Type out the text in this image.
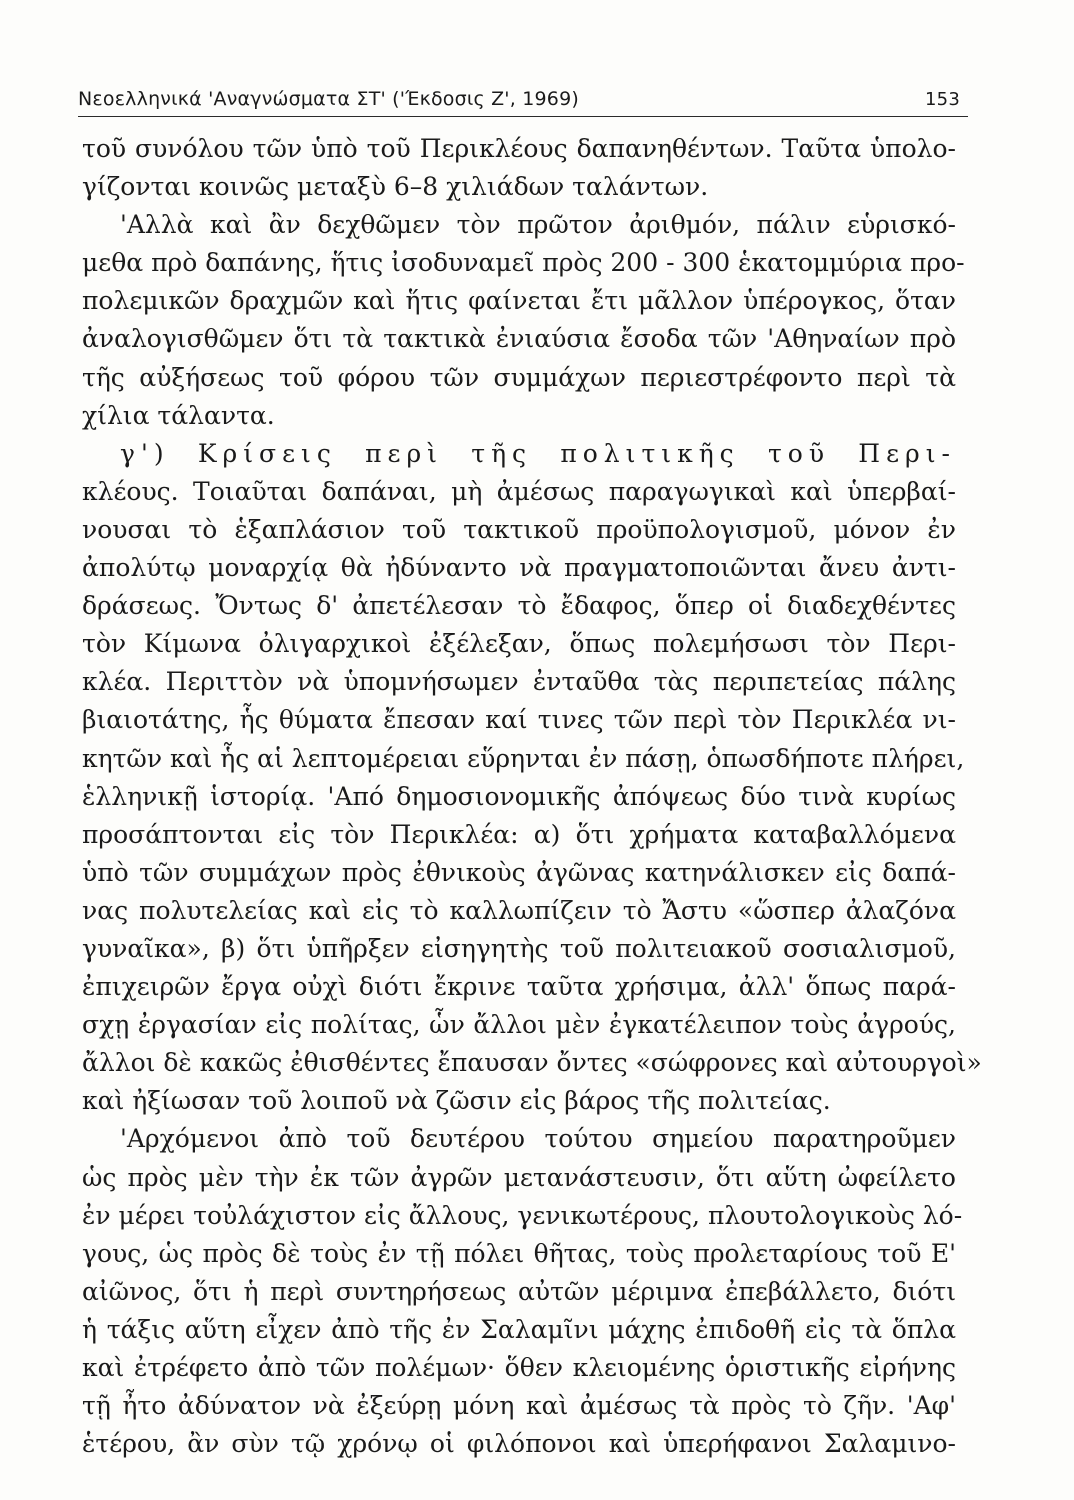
Νεοελληνικά 'Αναγνώσματα ΣΤ' ('Έκδοσις Ζ', 1969)	153
τοῦ συνόλου τῶν ὑπὸ τοῦ Περικλέους δαπανηθέντων. Ταῦτα ὑπολο-
γίζονται κοινῶς μεταξὺ 6–8 χιλιάδων ταλάντων.
'Αλλὰ καὶ ἂν δεχθῶμεν τὸν πρῶτον ἀριθμόν, πάλιν εὑρισκό-
μεθα πρὸ δαπάνης, ἥτις ἰσοδυναμεῖ πρὸς 200 - 300 ἑκατομμύρια προ-
πολεμικῶν δραχμῶν καὶ ἥτις φαίνεται ἔτι μᾶλλον ὑπέρογκος, ὅταν
ἀναλογισθῶμεν ὅτι τὰ τακτικὰ ἐνιαύσια ἔσοδα τῶν 'Αθηναίων πρὸ
τῆς αὐξήσεως τοῦ φόρου τῶν συμμάχων περιεστρέφοντο περὶ τὰ
χίλια τάλαντα.
γ') Κρίσεις περὶ τῆς πολιτικῆς τοῦ Περι-
κλέους. Τοιαῦται δαπάναι, μὴ ἀμέσως παραγωγικαὶ καὶ ὑπερβαί-
νουσαι τὸ ἑξαπλάσιον τοῦ τακτικοῦ προϋπολογισμοῦ, μόνον ἐν
ἀπολύτῳ μοναρχίᾳ θὰ ἠδύναντο νὰ πραγματοποιῶνται ἄνευ ἀντι-
δράσεως. Ὄντως δ' ἀπετέλεσαν τὸ ἔδαφος, ὅπερ οἱ διαδεχθέντες
τὸν Κίμωνα ὀλιγαρχικοὶ ἐξέλεξαν, ὅπως πολεμήσωσι τὸν Περι-
κλέα. Περιττὸν νὰ ὑπομνήσωμεν ἐνταῦθα τὰς περιπετείας πάλης
βιαιοτάτης, ἧς θύματα ἔπεσαν καί τινες τῶν περὶ τὸν Περικλέα νι-
κητῶν καὶ ἧς αἱ λεπτομέρειαι εὕρηνται ἐν πάσῃ, ὁπωσδήποτε πλήρει,
ἑλληνικῇ ἱστορίᾳ. 'Από δημοσιονομικῆς ἀπόψεως δύο τινὰ κυρίως
προσάπτονται εἰς τὸν Περικλέα: α) ὅτι χρήματα καταβαλλόμενα
ὑπὸ τῶν συμμάχων πρὸς ἐθνικοὺς ἀγῶνας κατηνάλισκεν εἰς δαπά-
νας πολυτελείας καὶ εἰς τὸ καλλωπίζειν τὸ Ἄστυ «ὥσπερ ἀλαζόνα
γυναῖκα», β) ὅτι ὑπῆρξεν εἰσηγητὴς τοῦ πολιτειακοῦ σοσιαλισμοῦ,
ἐπιχειρῶν ἔργα οὐχὶ διότι ἔκρινε ταῦτα χρήσιμα, ἀλλ' ὅπως παρά-
σχῃ ἐργασίαν εἰς πολίτας, ὧν ἄλλοι μὲν ἐγκατέλειπον τοὺς ἀγρούς,
ἄλλοι δὲ κακῶς ἐθισθέντες ἔπαυσαν ὄντες «σώφρονες καὶ αὐτουργοὶ»
καὶ ἠξίωσαν τοῦ λοιποῦ νὰ ζῶσιν εἰς βάρος τῆς πολιτείας.
'Αρχόμενοι ἀπὸ τοῦ δευτέρου τούτου σημείου παρατηροῦμεν
ὡς πρὸς μὲν τὴν ἐκ τῶν ἀγρῶν μετανάστευσιν, ὅτι αὕτη ὠφείλετο
ἐν μέρει τοὐλάχιστον εἰς ἄλλους, γενικωτέρους, πλουτολογικοὺς λό-
γους, ὡς πρὸς δὲ τοὺς ἐν τῇ πόλει θῆτας, τοὺς προλεταρίους τοῦ Ε'
αἰῶνος, ὅτι ἡ περὶ συντηρήσεως αὐτῶν μέριμνα ἐπεβάλλετο, διότι
ἡ τάξις αὕτη εἶχεν ἀπὸ τῆς ἐν Σαλαμῖνι μάχης ἐπιδοθῆ εἰς τὰ ὅπλα
καὶ ἐτρέφετο ἀπὸ τῶν πολέμων· ὅθεν κλειομένης ὁριστικῆς εἰρήνης
τῇ ἦτο ἀδύνατον νὰ ἐξεύρῃ μόνη καὶ ἀμέσως τὰ πρὸς τὸ ζῆν. 'Αφ'
ἑτέρου, ἂν σὺν τῷ χρόνῳ οἱ φιλόπονοι καὶ ὑπερήφανοι Σαλαμινο-
